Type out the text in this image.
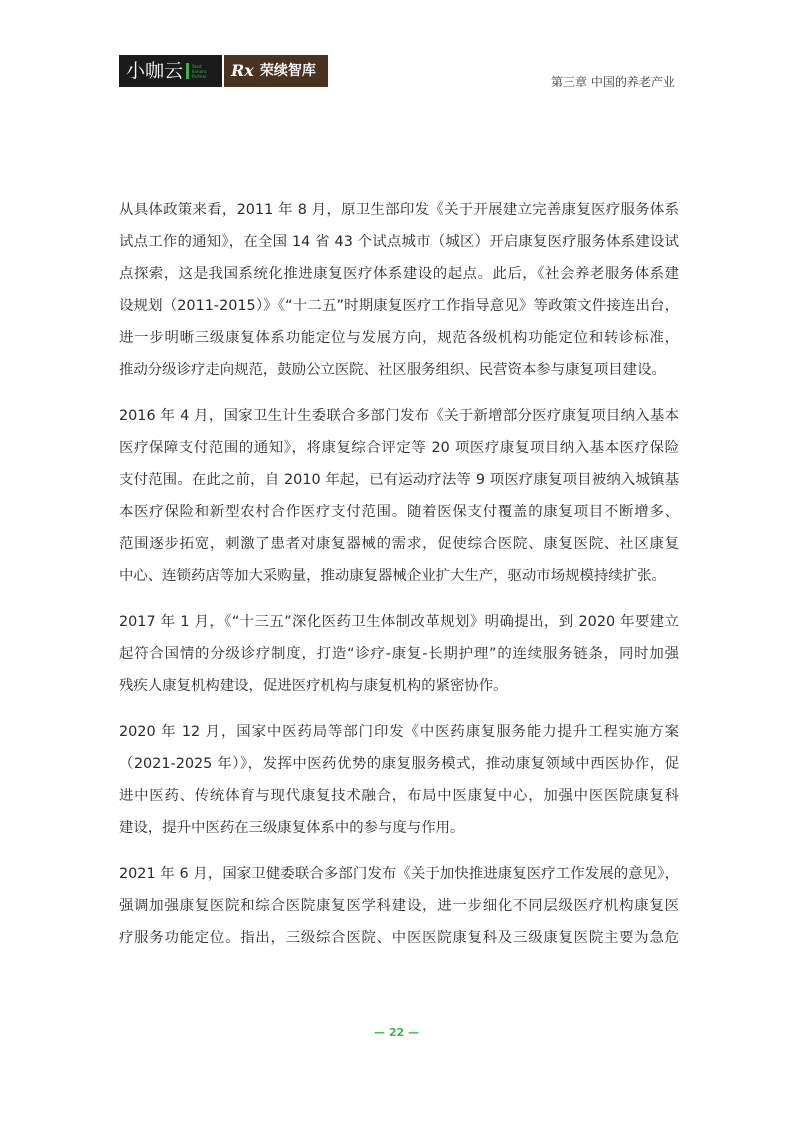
小咖云 Start
Enhanc
Partner Rx 荣续智库
第三章 中国的养老产业
从具体政策来看，2011 年 8 月，原卫生部印发《关于开展建立完善康复医疗服务体系
试点工作的通知》，在全国 14 省 43 个试点城市（城区）开启康复医疗服务体系建设试
点探索，这是我国系统化推进康复医疗体系建设的起点。此后，《社会养老服务体系建
设规划（2011-2015）》《“十二五”时期康复医疗工作指导意见》等政策文件接连出台，
进一步明晰三级康复体系功能定位与发展方向，规范各级机构功能定位和转诊标准，
推动分级诊疗走向规范，鼓励公立医院、社区服务组织、民营资本参与康复项目建设。
2016 年 4 月，国家卫生计生委联合多部门发布《关于新增部分医疗康复项目纳入基本
医疗保障支付范围的通知》，将康复综合评定等 20 项医疗康复项目纳入基本医疗保险
支付范围。在此之前，自 2010 年起，已有运动疗法等 9 项医疗康复项目被纳入城镇基
本医疗保险和新型农村合作医疗支付范围。随着医保支付覆盖的康复项目不断增多、
范围逐步拓宽，刺激了患者对康复器械的需求，促使综合医院、康复医院、社区康复
中心、连锁药店等加大采购量，推动康复器械企业扩大生产，驱动市场规模持续扩张。
2017 年 1 月，《“十三五”深化医药卫生体制改革规划》明确提出，到 2020 年要建立
起符合国情的分级诊疗制度，打造“诊疗-康复-长期护理”的连续服务链条，同时加强
残疾人康复机构建设，促进医疗机构与康复机构的紧密协作。
2020 年 12 月，国家中医药局等部门印发《中医药康复服务能力提升工程实施方案
（2021-2025 年）》，发挥中医药优势的康复服务模式，推动康复领域中西医协作，促
进中医药、传统体育与现代康复技术融合，布局中医康复中心，加强中医医院康复科
建设，提升中医药在三级康复体系中的参与度与作用。
2021 年 6 月，国家卫健委联合多部门发布《关于加快推进康复医疗工作发展的意见》，
强调加强康复医院和综合医院康复医学科建设，进一步细化不同层级医疗机构康复医
疗服务功能定位。指出，三级综合医院、中医医院康复科及三级康复医院主要为急危
— 22 —
